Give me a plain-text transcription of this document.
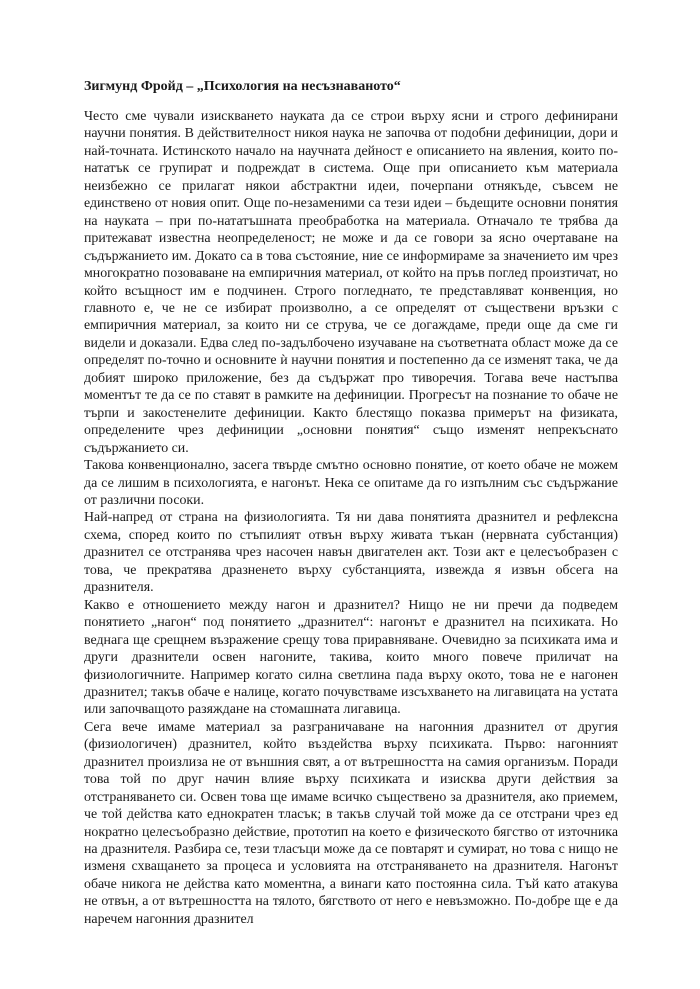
Зигмунд Фройд – „Психология на несъзнаваното“

Често сме чували изискването науката да се строи върху ясни и строго дефинирани научни понятия. В действителност никоя наука не започва от подобни дефиниции, дори и най-точната. Истинското начало на научната дейност е описанието на явления, които по-нататък се групират и подреждат в система. Още при описанието към материала неизбежно се прилагат някои абстрактни идеи, почерпани отнякъде, съвсем не единствено от новия опит. Още по-незаменими са тези идеи – бъдещите основни понятия на науката – при по-нататъшната преобработка на материала. Отначало те трябва да притежават известна неопределеност; не може и да се говори за ясно очертаване на съдържанието им. Докато са в това състояние, ние се информираме за значението им чрез многократно позоваване на емпиричния материал, от който на пръв поглед произтичат, но който всъщност им е подчинен. Строго погледнато, те представляват конвенция, но главното е, че не се избират произволно, а се определят от съществени връзки с емпиричния материал, за които ни се струва, че се догаждаме, преди още да сме ги видели и доказали. Едва след по-задълбочено изучаване на съответната област може да се определят по-точно и основните ѝ научни понятия и постепенно да се изменят така, че да добият широко приложение, без да съдържат про тиворечия. Тогава вече настъпва моментът те да се по ставят в рамките на дефиниции. Прогресът на познание то обаче не търпи и закостенелите дефиниции. Както блестящо показва примерът на физиката, определените чрез дефиниции „основни понятия“ също изменят непрекъснато съдържанието си.

Такова конвенционално, засега твърде смътно основно понятие, от което обаче не можем да се лишим в психологията, е нагонът. Нека се опитаме да го изпълним със съдържание от различни посоки.

Най-напред от страна на физиологията. Тя ни дава понятията дразнител и рефлексна схема, според които по стъпилият отвън върху живата тъкан (нервната субстанция) дразнител се отстранява чрез насочен навън двигателен акт. Този акт е целесъобразен с това, че прекратява дразненето върху субстанцията, извежда я извън обсега на дразнителя.

Какво е отношението между нагон и дразнител? Нищо не ни пречи да подведем понятието „нагон“ под понятието „дразнител“: нагонът е дразнител на психиката. Но веднага ще срещнем възражение срещу това приравняване. Очевидно за психиката има и други дразнители освен нагоните, такива, които много повече приличат на физиологичните. Например когато силна светлина пада върху окото, това не е нагонен дразнител; такъв обаче е налице, когато почувстваме изсъхването на лигавицата на устата или започващото разяждане на стомашната лигавица.

Сега вече имаме материал за разграничаване на нагонния дразнител от другия (физиологичен) дразнител, който въздейства върху психиката. Първо: нагонният дразнител произлиза не от външния свят, а от вътрешността на самия организъм. Поради това той по друг начин влияе върху психиката и изисква други действия за отстраняването си. Освен това ще имаме всичко съществено за дразнителя, ако приемем, че той действа като еднократен тласък; в такъв случай той може да се отстрани чрез ед нократно целесъобразно действие, прототип на което е физическото бягство от източника на дразнителя. Разбира се, тези тласъци може да се повтарят и сумират, но това с нищо не изменя схващането за процеса и условията на отстраняването на дразнителя. Нагонът обаче никога не действа като моментна, а винаги като постоянна сила. Тъй като атакува не отвън, а от вътрешността на тялото, бягството от него е невъзможно. По-добре ще е да наречем нагонния дразнител
